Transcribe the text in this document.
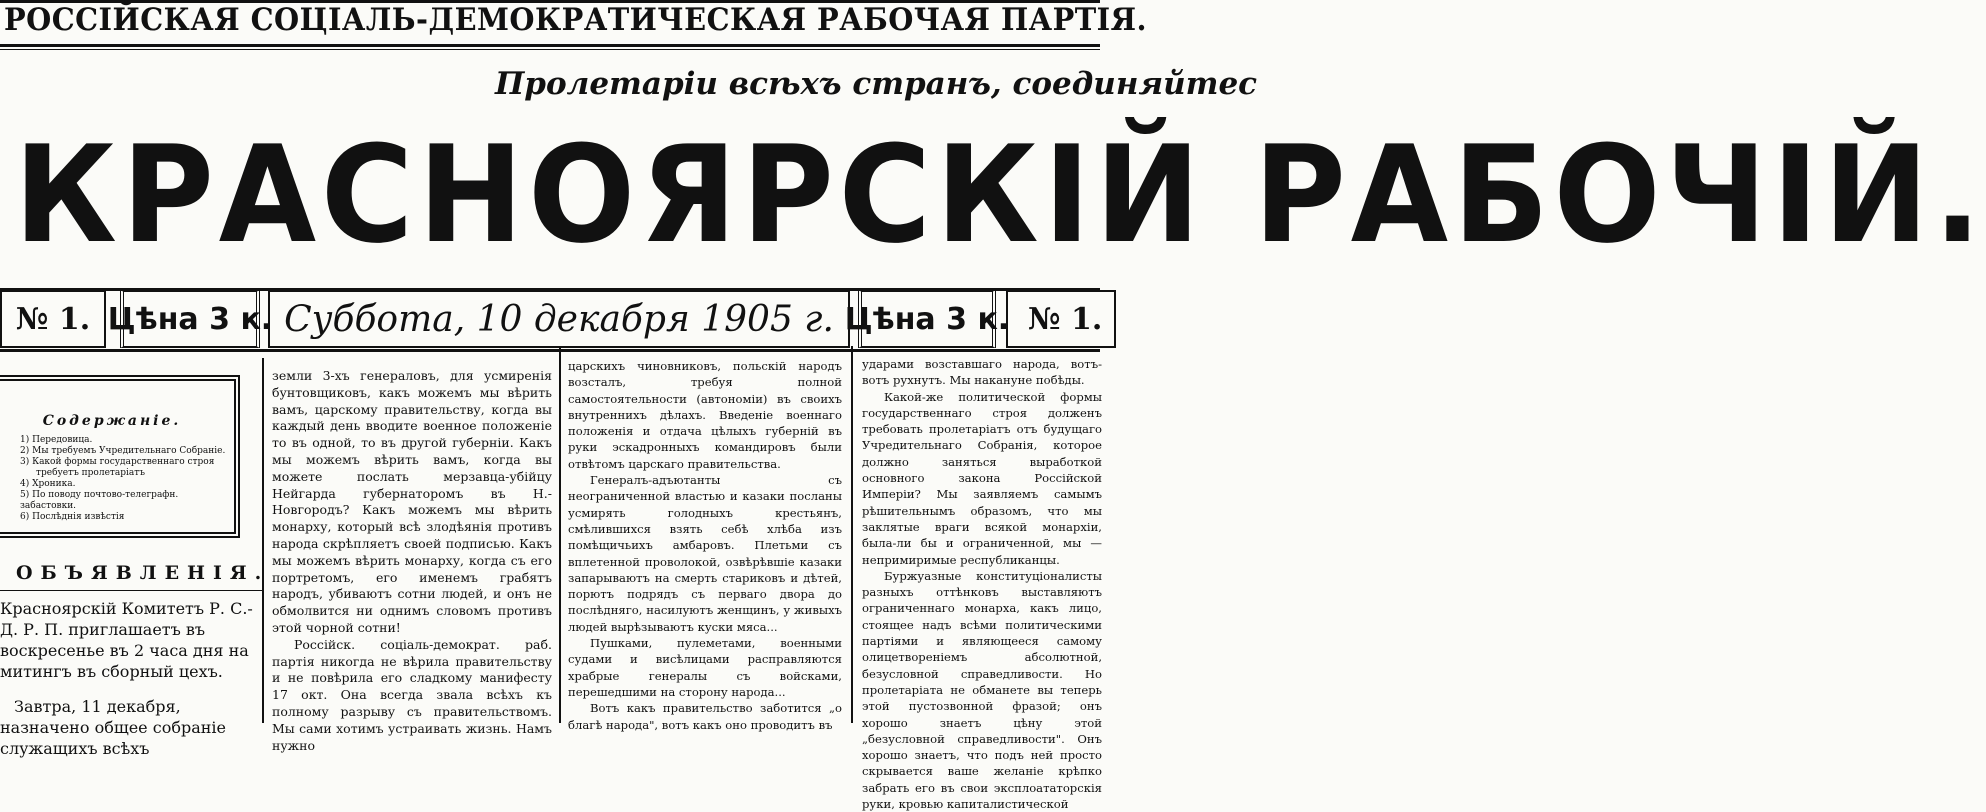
РОССІЙСКАЯ СОЦІАЛЬ-ДЕМОКРАТИЧЕСКАЯ РАБОЧАЯ ПАРТІЯ.
Пролетаріи всѣхъ странъ, соединяйтес
КРАСНОЯРСКІЙ РАБОЧІЙ.
№ 1. Цѣна 3 к. Суббота, 10 декабря 1905 г. Цѣна 3 к. № 1.
Содержаніе.
1) Передовица.
2) Мы требуемъ Учредительнаго Собраніе.
3) Какой формы государственнаго строя
требуетъ пролетаріатъ
4) Хроника.
5) По поводу почтово-телеграфн. забастовки.
6) Послѣднія извѣстія
ОБЪЯВЛЕНІЯ.
Красноярскій Комитетъ Р. С.-Д. Р. П. приглашаетъ въ воскресенье въ 2 часа дня на митингъ въ сборный цехъ.
Завтра, 11 декабря, назначено общее собраніе служащихъ всѣхъ

земли 3-хъ генераловъ, для усмиренія бунтовщиковъ, какъ можемъ мы вѣрить вамъ, царскому правительству, когда вы каждый день вводите военное положеніе то въ одной, то въ другой губерніи. Какъ мы можемъ вѣрить вамъ, когда вы можете послать мерзавца-убійцу Нейгарда губернаторомъ въ Н.-Новгородъ? Какъ можемъ мы вѣрить монарху, который всѣ злодѣянія противъ народа скрѣпляетъ своей подписью. Какъ мы можемъ вѣрить монарху, когда съ его портретомъ, его именемъ грабятъ народъ, убиваютъ сотни людей, и онъ не обмолвится ни однимъ словомъ противъ этой чорной сотни!

Россійск. соціаль-демократ. раб. партія никогда не вѣрила правительству и не повѣрила его сладкому манифесту 17 окт. Она всегда звала всѣхъ къ полному разрыву съ правительствомъ. Мы сами хотимъ устраивать жизнь. Намъ нужно

царскихъ чиновниковъ, польскій народъ возсталъ, требуя полной самостоятельности (автономіи) въ своихъ внутреннихъ дѣлахъ. Введеніе военнаго положенія и отдача цѣлыхъ губерній въ руки эскадронныхъ командировъ были отвѣтомъ царскаго правительства.

Генералъ-адъютанты съ неограниченной властью и казаки посланы усмирять голодныхъ крестьянъ, смѣлившихся взять себѣ хлѣба изъ помѣщичьихъ амбаровъ. Плетьми съ вплетенной проволокой, озвѣрѣвшіе казаки запарываютъ на смерть стариковъ и дѣтей, порютъ подрядъ съ перваго двора до послѣдняго, насилуютъ женщинъ, у живыхъ людей вырѣзываютъ куски мяса...

Пушками, пулеметами, военными судами и висѣлицами расправляются храбрые генералы съ войсками, перешедшими на сторону народа...

Вотъ какъ правительство заботится „о благѣ народа", вотъ какъ оно проводитъ въ

ударами возставшаго народа, вотъ-вотъ рухнутъ. Мы накануне побѣды.

Какой-же политической формы государственнаго строя долженъ требовать пролетаріатъ отъ будущаго Учредительнаго Собранія, которое должно заняться выработкой основного закона Россійской Имперіи? Мы заявляемъ самымъ рѣшительнымъ образомъ, что мы заклятые враги всякой монархіи, была-ли бы и ограниченной, мы — непримиримые республиканцы.

Буржуазные конституціоналисты разныхъ оттѣнковъ выставляютъ ограниченнаго монарха, какъ лицо, стоящее надъ всѣми политическими партіями и являющееся самому олицетвореніемъ абсолютной, безусловной справедливости. Но пролетаріата не обманете вы теперь этой пустозвонной фразой; онъ хорошо знаетъ цѣну этой „безусловной справедливости". Онъ хорошо знаетъ, что подъ ней просто скрывается ваше желаніе крѣпко забрать его въ свои эксплоататорскія руки, кровью капиталистической
